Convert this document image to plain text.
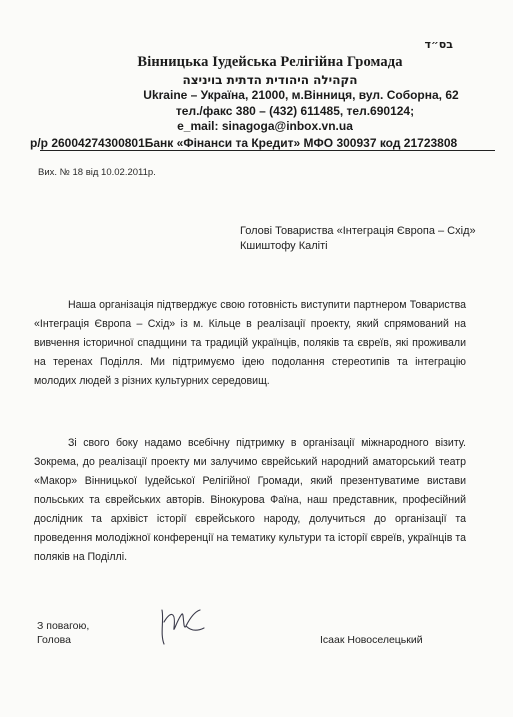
בס״ד
Вінницька Іудейська Релігійна Громада
הקהילה היהודית הדתית בויניצה
Ukraine – Україна, 21000, м.Вінниця, вул. Соборна, 62
тел./факс 380 – (432) 611485, тел.690124;
e_mail: sinagoga@inbox.vn.ua
р/р 26004274300801Банк «Фінанси та Кредит» МФО 300937 код 21723808
Вих. № 18 від 10.02.2011р.
Голові Товариства «Інтеграція Європа – Схід»
Кшиштофу Каліті

Наша організація підтверджує свою готовність виступити партнером Товариства «Інтеграція Європа – Схід» із м. Кільце в реалізації проекту, який спрямований на вивчення історичної спадщини та традицій українців, поляків та євреїв, які проживали на теренах Поділля. Ми підтримуємо ідею подолання стереотипів та інтеграцію молодих людей з різних культурних середовищ.

Зі свого боку надамо всебічну підтримку в організації міжнародного візиту. Зокрема, до реалізації проекту ми залучимо єврейський народний аматорський театр «Макор» Вінницької Іудейської Релігійної Громади, який презентуватиме вистави польських та єврейських авторів. Вінокурова Фаїна, наш представник, професійний дослідник та архівіст історії єврейського народу, долучиться до організації та проведення молодіжної конференції на тематику культури та історії євреїв, українців та поляків на Поділлі.

З повагою,
Голова	Ісаак Новоселецький
